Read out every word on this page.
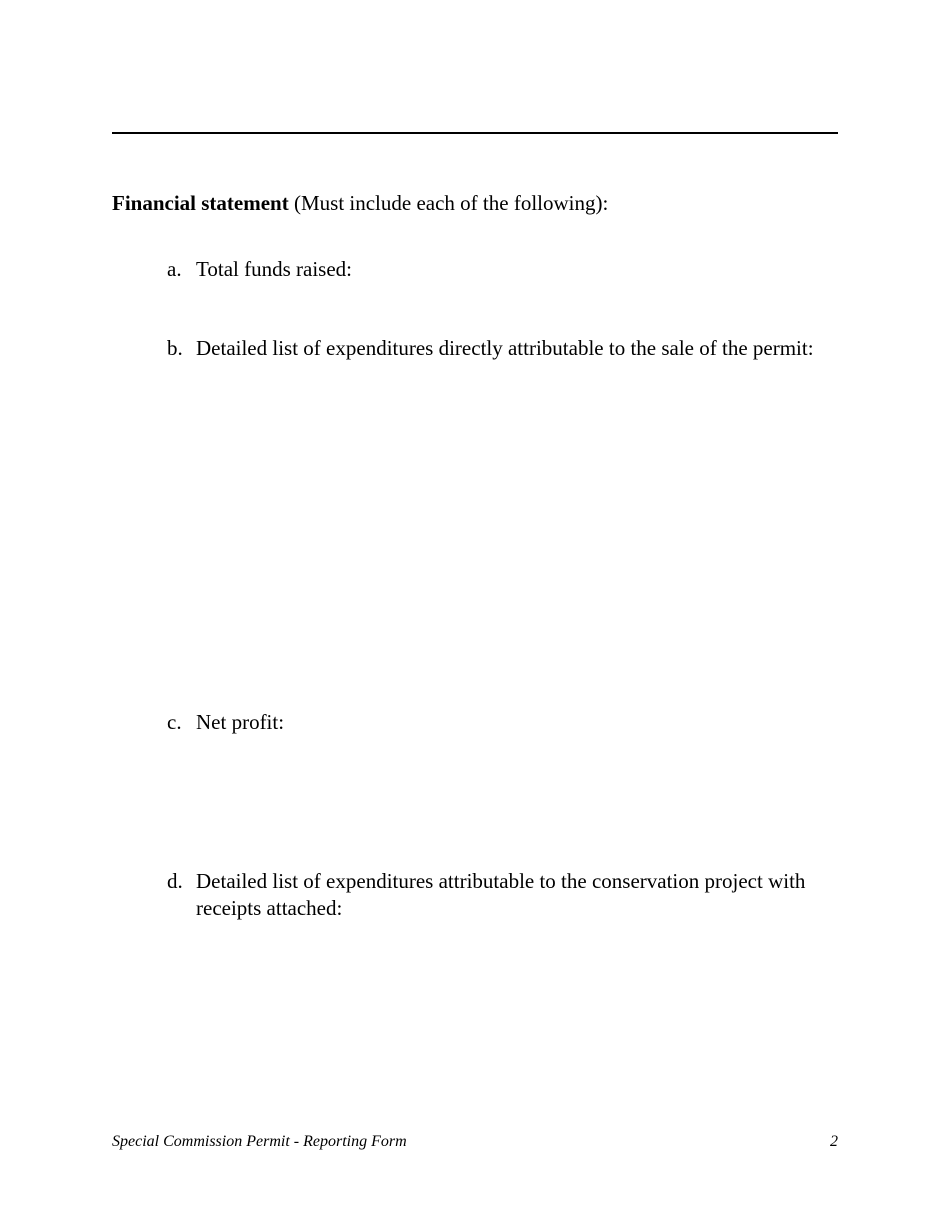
Financial statement (Must include each of the following):
a. Total funds raised:
b. Detailed list of expenditures directly attributable to the sale of the permit:
c. Net profit:
d. Detailed list of expenditures attributable to the conservation project with receipts attached:
Special Commission Permit - Reporting Form	2
